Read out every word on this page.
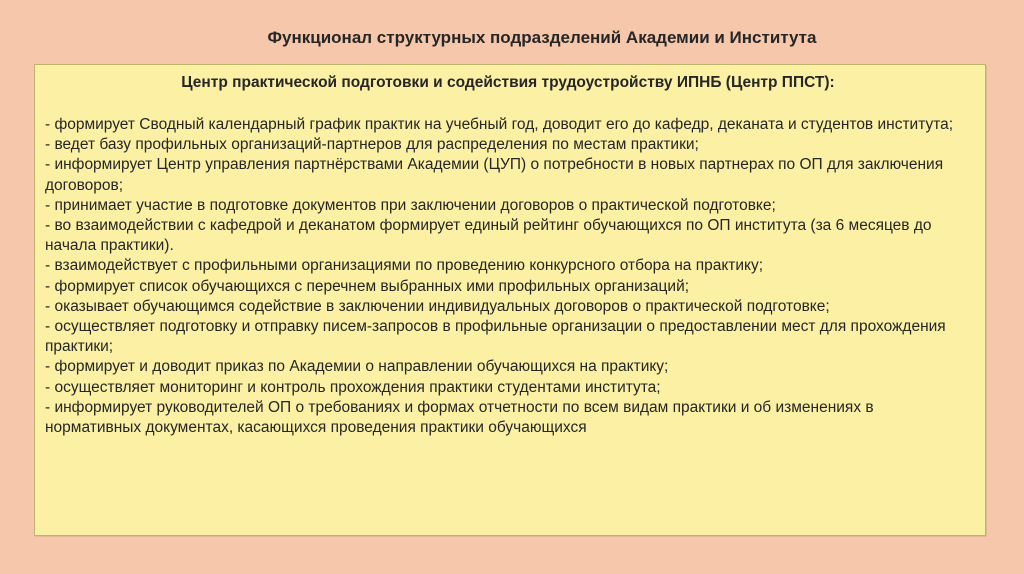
Функционал структурных подразделений Академии и Института
Центр практической подготовки и содействия трудоустройству ИПНБ (Центр ППСТ):
- формирует Сводный календарный график практик на учебный год, доводит его до кафедр, деканата и студентов института;
- ведет базу профильных организаций-партнеров для распределения по местам практики;
- информирует Центр управления партнёрствами Академии (ЦУП) о потребности в новых партнерах по ОП для заключения договоров;
- принимает участие в подготовке документов при заключении договоров о практической подготовке;
- во взаимодействии с кафедрой и деканатом формирует единый рейтинг обучающихся по ОП института (за 6 месяцев до начала практики).
- взаимодействует с профильными организациями по проведению конкурсного отбора на практику;
- формирует список обучающихся с перечнем выбранных ими профильных организаций;
- оказывает обучающимся содействие в заключении индивидуальных договоров о практической подготовке;
- осуществляет подготовку и отправку писем-запросов в профильные организации о предоставлении мест для прохождения практики;
- формирует и доводит приказ по Академии о направлении обучающихся на практику;
- осуществляет мониторинг и контроль прохождения практики студентами института;
- информирует руководителей ОП о требованиях и формах отчетности по всем видам практики и об изменениях в нормативных документах, касающихся проведения практики обучающихся
